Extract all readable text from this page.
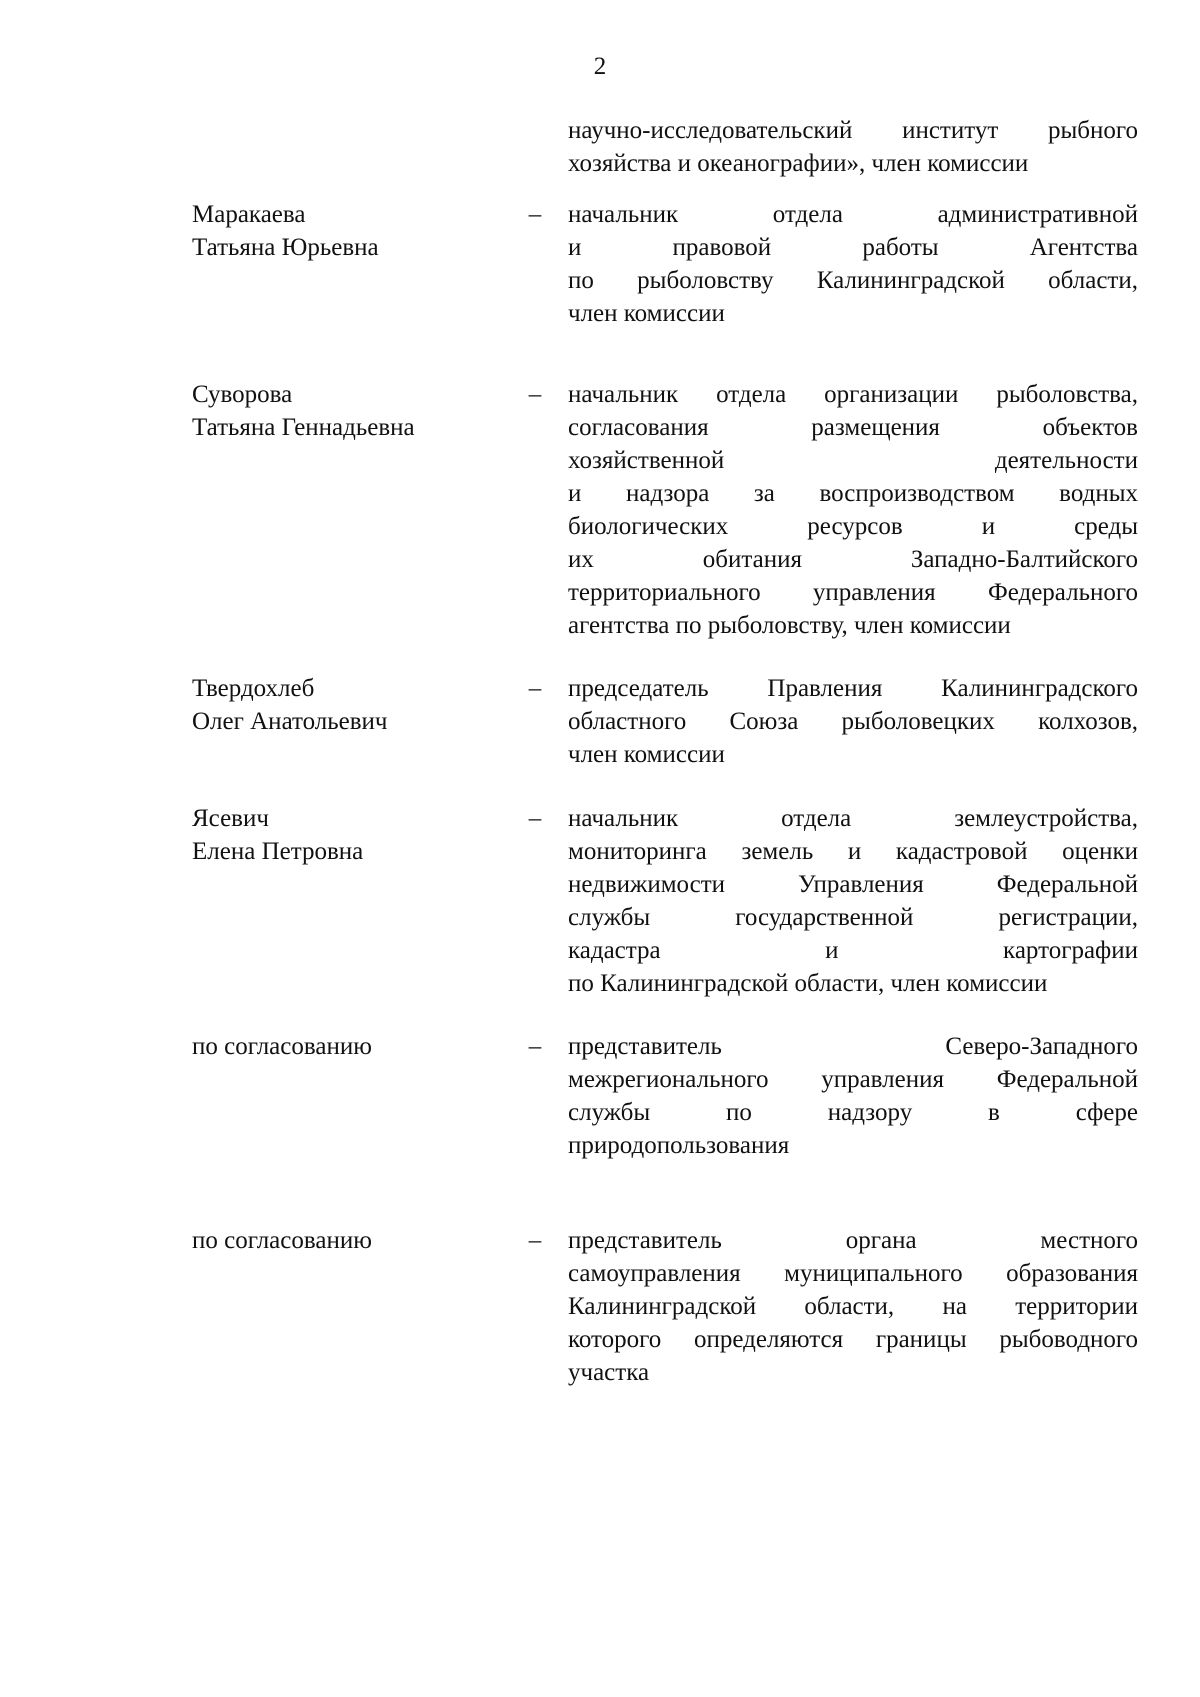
2
научно-исследовательский институт рыбного
хозяйства и океанографии», член комиссии
Маракаева
Татьяна Юрьевна
– начальник отдела административной
и правовой работы Агентства
по рыболовству Калининградской области,
член комиссии
Суворова
Татьяна Геннадьевна
– начальник отдела организации рыболовства,
согласования размещения объектов
хозяйственной деятельности
и надзора за воспроизводством водных
биологических ресурсов и среды
их обитания Западно-Балтийского
территориального управления Федерального
агентства по рыболовству, член комиссии
Твердохлеб
Олег Анатольевич
– председатель Правления Калининградского
областного Союза рыболовецких колхозов,
член комиссии
Ясевич
Елена Петровна
– начальник отдела землеустройства,
мониторинга земель и кадастровой оценки
недвижимости Управления Федеральной
службы государственной регистрации,
кадастра и картографии
по Калининградской области, член комиссии
по согласованию	– представитель Северо-Западного
межрегионального управления Федеральной
службы по надзору в сфере
природопользования
по согласованию	– представитель органа местного
самоуправления муниципального образования
Калининградской области, на территории
которого определяются границы рыбоводного
участка
